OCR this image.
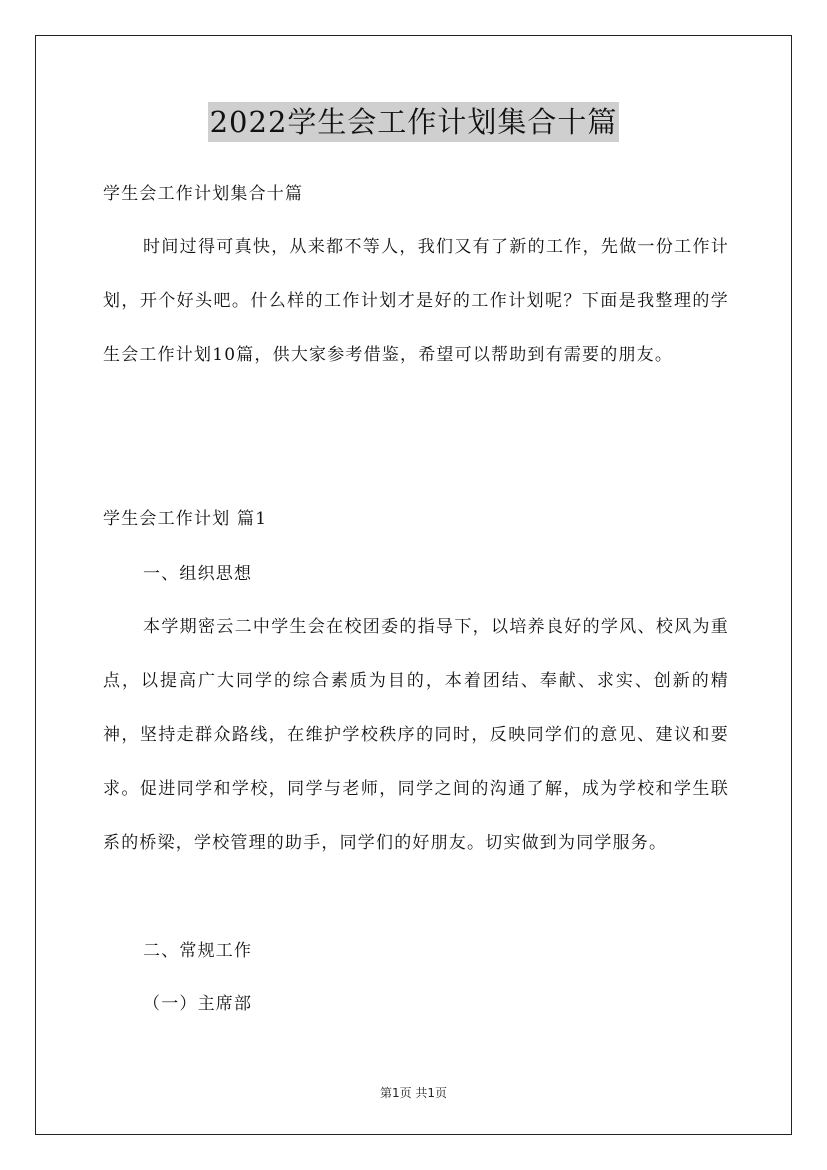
2022学生会工作计划集合十篇

学生会工作计划集合十篇

时间过得可真快，从来都不等人，我们又有了新的工作，先做一份工作计划，开个好头吧。什么样的工作计划才是好的工作计划呢？下面是我整理的学生会工作计划10篇，供大家参考借鉴，希望可以帮助到有需要的朋友。

学生会工作计划 篇1

一、组织思想

本学期密云二中学生会在校团委的指导下，以培养良好的学风、校风为重点，以提高广大同学的综合素质为目的，本着团结、奉献、求实、创新的精神，坚持走群众路线，在维护学校秩序的同时，反映同学们的意见、建议和要求。促进同学和学校，同学与老师，同学之间的沟通了解，成为学校和学生联系的桥梁，学校管理的助手，同学们的好朋友。切实做到为同学服务。

二、常规工作

（一）主席部

第1页 共1页
